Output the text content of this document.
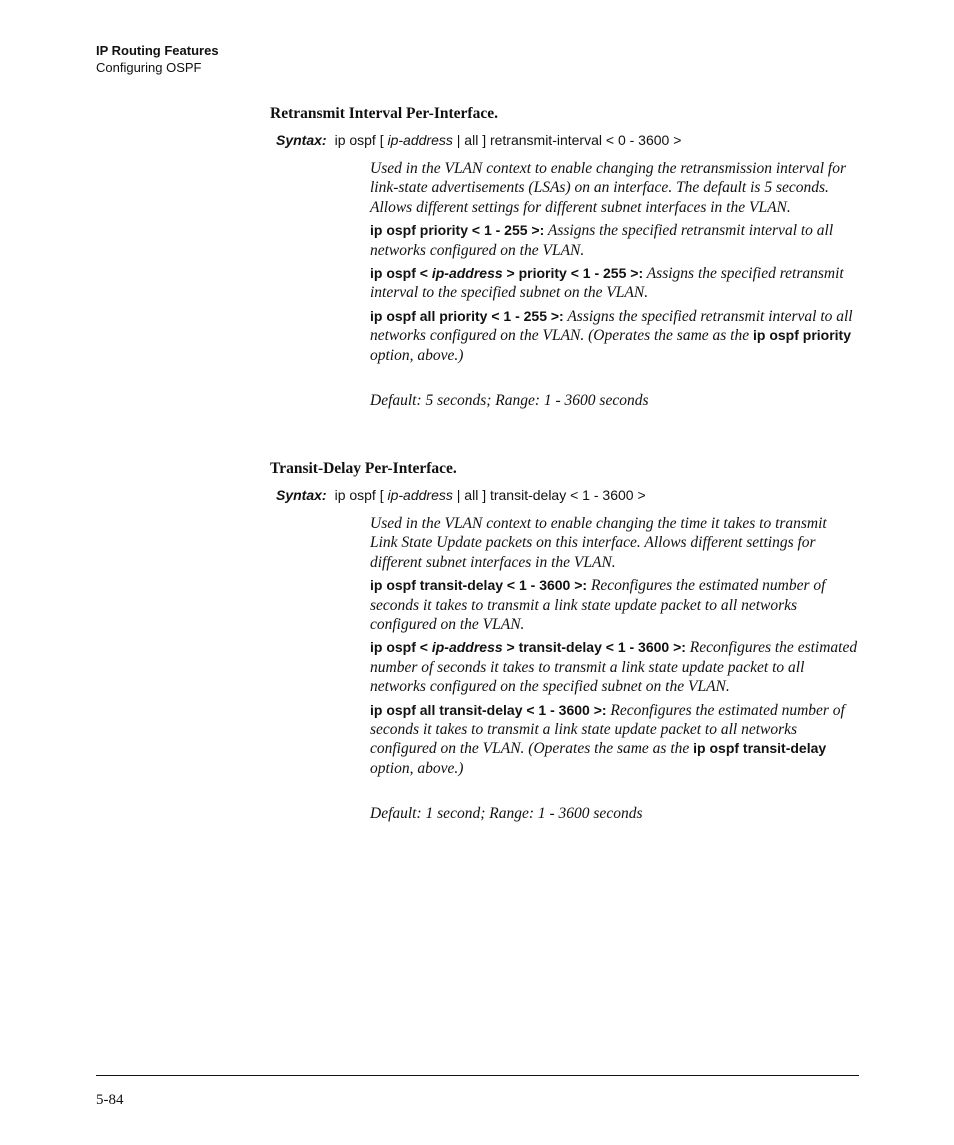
IP Routing Features
Configuring OSPF
Retransmit Interval Per-Interface.
Syntax: ip ospf [ ip-address | all ] retransmit-interval < 0 - 3600 >

Used in the VLAN context to enable changing the retransmission interval for link-state advertisements (LSAs) on an interface. The default is 5 seconds. Allows different settings for different subnet interfaces in the VLAN.

ip ospf priority < 1 - 255 >: Assigns the specified retransmit interval to all networks configured on the VLAN.

ip ospf < ip-address > priority < 1 - 255 >: Assigns the specified retransmit interval to the specified subnet on the VLAN.

ip ospf all priority < 1 - 255 >: Assigns the specified retransmit interval to all networks configured on the VLAN. (Operates the same as the ip ospf priority option, above.)

Default: 5 seconds; Range: 1 - 3600 seconds

Transit-Delay Per-Interface.
Syntax: ip ospf [ ip-address | all ] transit-delay < 1 - 3600 >

Used in the VLAN context to enable changing the time it takes to transmit Link State Update packets on this interface. Allows different settings for different subnet interfaces in the VLAN.

ip ospf transit-delay < 1 - 3600 >: Reconfigures the estimated number of seconds it takes to transmit a link state update packet to all networks configured on the VLAN.

ip ospf < ip-address > transit-delay < 1 - 3600 >: Reconfigures the estimated number of seconds it takes to transmit a link state update packet to all networks configured on the specified subnet on the VLAN.

ip ospf all transit-delay < 1 - 3600 >: Reconfigures the estimated number of seconds it takes to transmit a link state update packet to all networks configured on the VLAN. (Operates the same as the ip ospf transit-delay option, above.)

Default: 1 second; Range: 1 - 3600 seconds

5-84
